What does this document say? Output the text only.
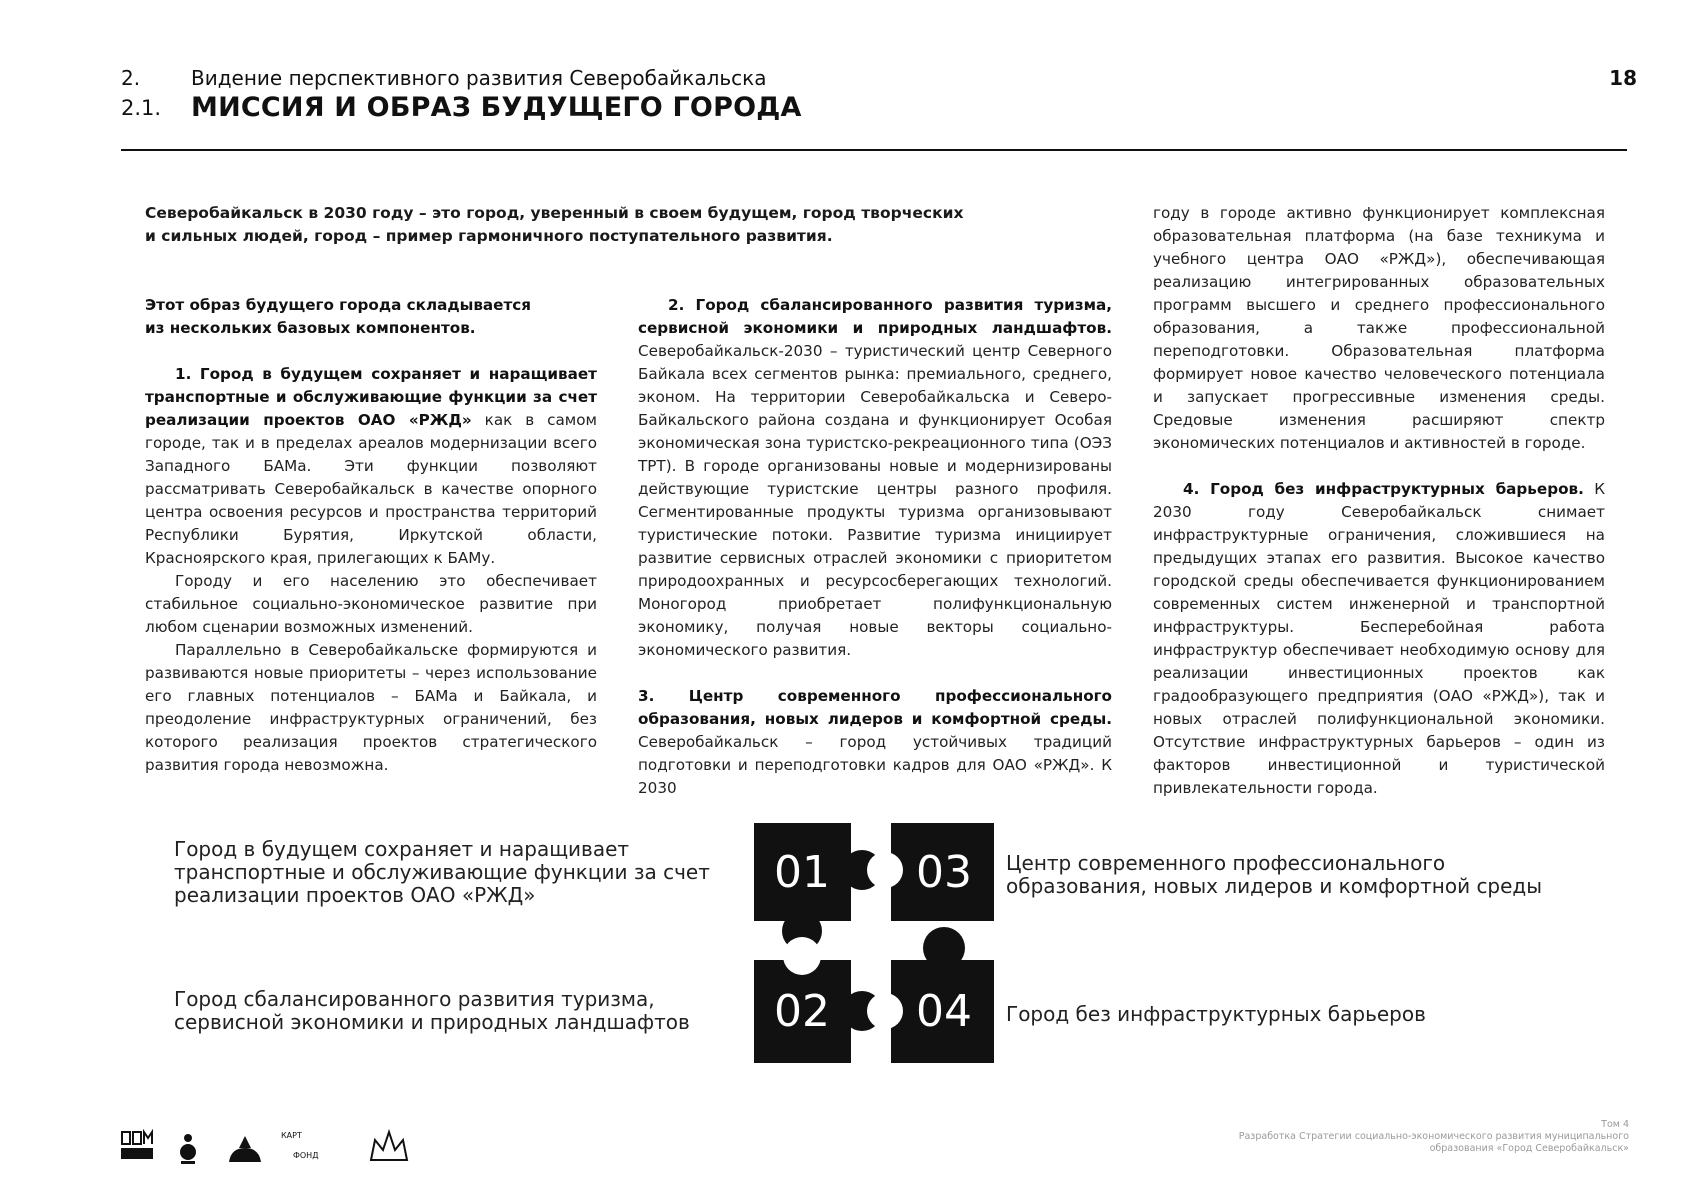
2.	Видение перспективного развития Северобайкальска
2.1. МИССИЯ И ОБРАЗ БУДУЩЕГО ГОРОДА
18
Северобайкальск в 2030 году – это город, уверенный в своем будущем, город творческих
и сильных людей, город – пример гармоничного поступательного развития.

Этот образ будущего города складывается
из нескольких базовых компонентов.

1. Город в будущем сохраняет и наращивает транспортные и обслуживающие функции за счет реализации проектов ОАО «РЖД» как в самом городе, так и в пределах ареалов модернизации всего Западного БАМа. Эти функции позволяют рассматривать Северобайкальск в качестве опорного центра освоения ресурсов и пространства территорий Республики Бурятия, Иркутской области, Красноярского края, прилегающих к БАМу.

Городу и его населению это обеспечивает стабильное социально-экономическое развитие при любом сценарии возможных изменений.

Параллельно в Северобайкальске формируются и развиваются новые приоритеты – через использование его главных потенциалов – БАМа и Байкала, и преодоление инфраструктурных ограничений, без которого реализация проектов стратегического развития города невозможна.

2. Город сбалансированного развития туризма, сервисной экономики и природных ландшафтов. Северобайкальск-2030 – туристический центр Северного Байкала всех сегментов рынка: премиального, среднего, эконом. На территории Северобайкальска и Северо-Байкальского района создана и функционирует Особая экономическая зона туристско-рекреационного типа (ОЭЗ ТРТ). В городе организованы новые и модернизированы действующие туристские центры разного профиля. Сегментированные продукты туризма организовывают туристические потоки. Развитие туризма инициирует развитие сервисных отраслей экономики с приоритетом природоохранных и ресурсосберегающих технологий. Моногород приобретает полифункциональную экономику, получая новые векторы социально-экономического развития.

3. Центр современного профессионального образования, новых лидеров и комфортной среды. Северобайкальск – город устойчивых традиций подготовки и переподготовки кадров для ОАО «РЖД». К 2030

году в городе активно функционирует комплексная образовательная платформа (на базе техникума и учебного центра ОАО «РЖД»), обеспечивающая реализацию интегрированных образовательных программ высшего и среднего профессионального образования, а также профессиональной переподготовки. Образовательная платформа формирует новое качество человеческого потенциала и запускает прогрессивные изменения среды. Средовые изменения расширяют спектр экономических потенциалов и активностей в городе.

4. Город без инфраструктурных барьеров. К 2030 году Северобайкальск снимает инфраструктурные ограничения, сложившиеся на предыдущих этапах его развития. Высокое качество городской среды обеспечивается функционированием современных систем инженерной и транспортной инфраструктуры. Бесперебойная работа инфраструктур обеспечивает необходимую основу для реализации инвестиционных проектов как градообразующего предприятия (ОАО «РЖД»), так и новых отраслей полифункциональной экономики. Отсутствие инфраструктурных барьеров – один из факторов инвестиционной и туристической привлекательности города.

Город в будущем сохраняет и наращивает
транспортные и обслуживающие функции за счет
реализации проектов ОАО «РЖД»
Город сбалансированного развития туризма,
сервисной экономики и природных ландшафтов
Центр современного профессионального
образования, новых лидеров и комфортной среды
Город без инфраструктурных барьеров
01 03
02 04
КАРТ
ФОНД
Том 4
Разработка Стратегии социально-экономического развития муниципального
образования «Город Северобайкальск»
